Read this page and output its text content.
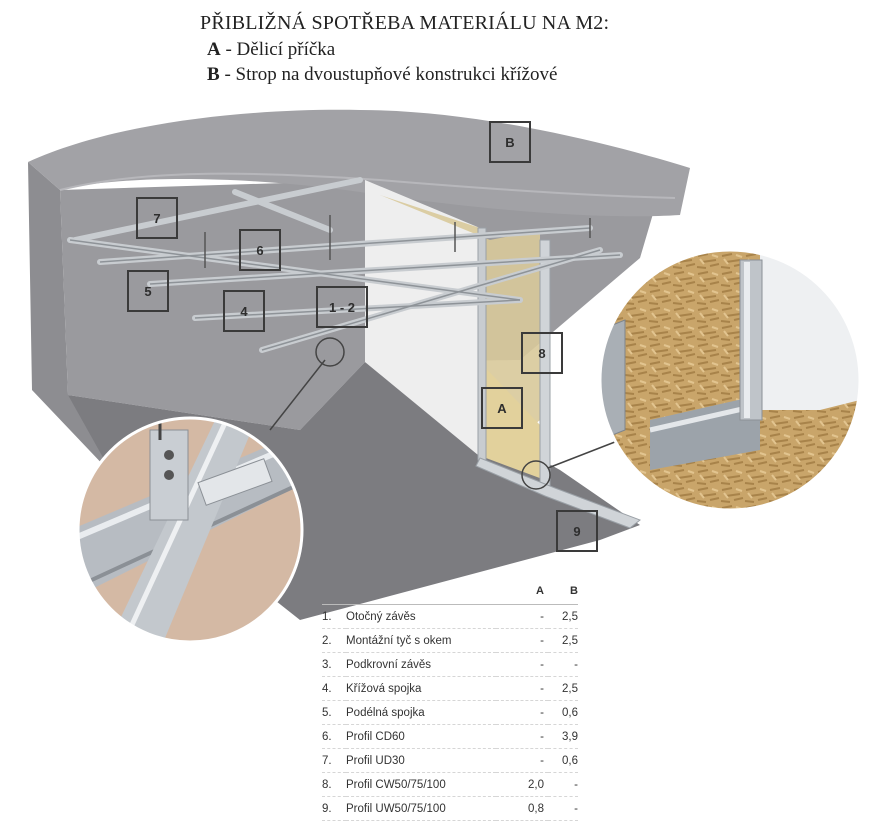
PŘIBLIŽNÁ SPOTŘEBA MATERIÁLU NA M2:
A - Dělicí příčka
B - Strop na dvoustupňové konstrukci křížové
B
7
6
5
4	1 - 2
8
A
9
		A	B
1.	Otočný závěs	-	2,5
2.	Montážní tyč s okem	-	2,5
3.	Podkrovní závěs	-	-
4.	Křížová spojka	-	2,5
5.	Podélná spojka	-	0,6
6.	Profil CD60	-	3,9
7.	Profil UD30	-	0,6
8.	Profil CW50/75/100	2,0	-
9.	Profil UW50/75/100	0,8	-
